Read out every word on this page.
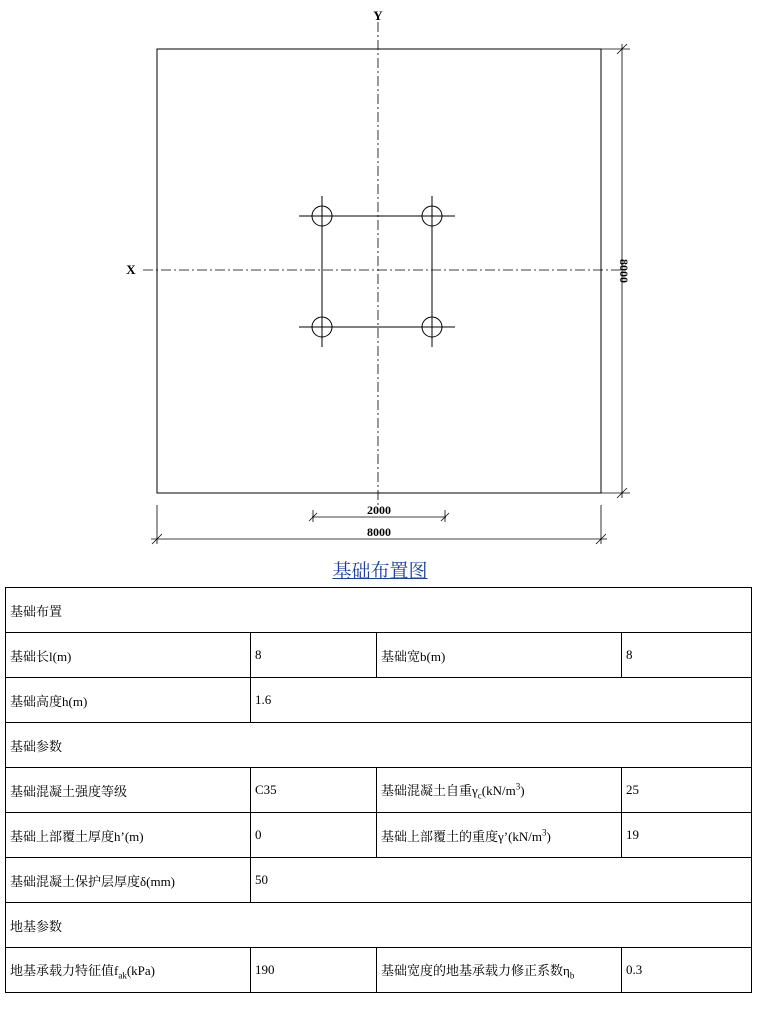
Y
X	8000
2000
8000
基础布置图
基础布置			
基础长l(m)	8	基础宽b(m)	8
基础高度h(m)	1.6		
基础参数			
基础混凝土强度等级	C35	基础混凝土自重$\gamma_c(kN/m^3)$	25
基础上部覆土厚度h’(m)	0	基础上部覆土的重度$\gamma’(kN/m^3)$	19
基础混凝土保护层厚度δ(mm)	50		
地基参数			
地基承载力特征值$f_{ak}(kPa)$	190	基础宽度的地基承载力修正系数$\eta_b$	0.3
